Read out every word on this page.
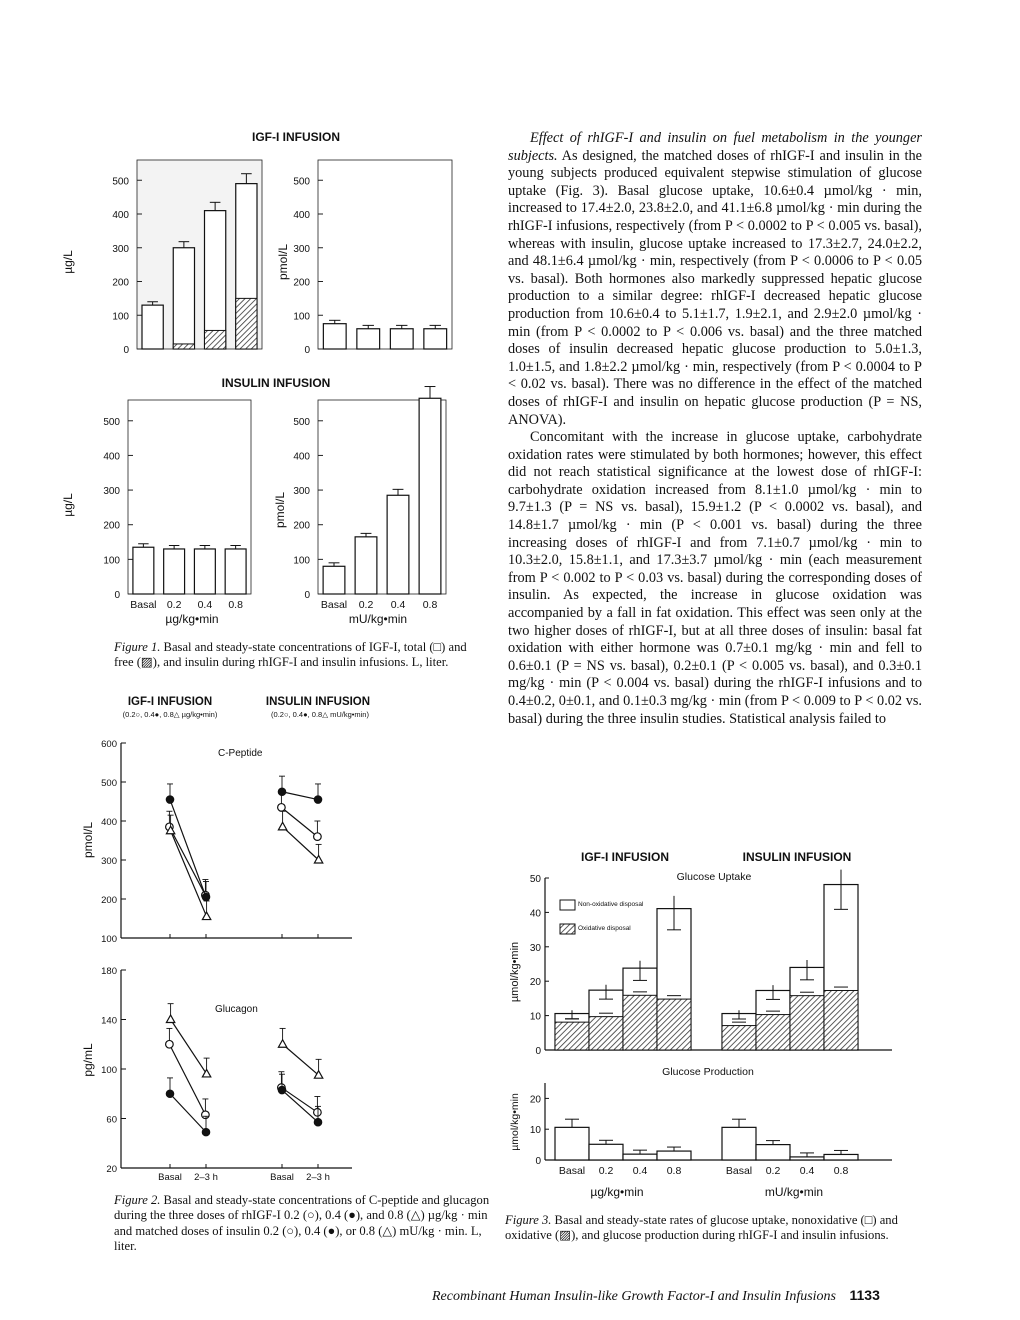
IGF-I INFUSION
INSULIN INFUSION
µg/L	pmol/L
µg/L	pmol/L
µg/kg•min	mU/kg•min
0
100
200
300
400
500
0
100
200
300
400
500
0
100
200
300
400
500
Basal 0.2 0.4 0.8
0
100
200
300
400
500
Basal 0.2 0.4 0.8
IGF-I INFUSION	INSULIN INFUSION
(0.2○, 0.4●, 0.8△ µg/kg•min)	(0.2○, 0.4●, 0.8△ mU/kg•min)
C-Peptide
Glucagon
pmol/L
pg/mL
100
200
300
400
500
600
20
60
100
140
180
Basal 2–3 h	Basal 2–3 h
IGF-I INFUSION	INSULIN INFUSION
Glucose Uptake
Glucose Production
Non-oxidative disposal
Oxidative disposal
µmol/kg•min
µmol/kg•min
µg/kg•min	mU/kg•min
0
10
20
30
40
50
0
10
20
Basal 0.2 0.4 0.8	Basal 0.2 0.4 0.8
Figure 1. Basal and steady-state concentrations of IGF-I, total (□) and free (▨), and insulin during rhIGF-I and insulin infusions. L, liter.
Figure 2. Basal and steady-state concentrations of C-peptide and glucagon during the three doses of rhIGF-I 0.2 (○), 0.4 (●), and 0.8 (△) µg/kg · min and matched doses of insulin 0.2 (○), 0.4 (●), or 0.8 (△) mU/kg · min. L, liter.
Figure 3. Basal and steady-state rates of glucose uptake, nonoxidative (□) and oxidative (▨), and glucose production during rhIGF-I and insulin infusions.

Effect of rhIGF-I and insulin on fuel metabolism in the younger subjects. As designed, the matched doses of rhIGF-I and insulin in the young subjects produced equivalent stepwise stimulation of glucose uptake (Fig. 3). Basal glucose uptake, 10.6±0.4 µmol/kg · min, increased to 17.4±2.0, 23.8±2.0, and 41.1±6.8 µmol/kg · min during the rhIGF-I infusions, respectively (from P < 0.0002 to P < 0.005 vs. basal), whereas with insulin, glucose uptake increased to 17.3±2.7, 24.0±2.2, and 48.1±6.4 µmol/kg · min, respectively (from P < 0.0006 to P < 0.05 vs. basal). Both hormones also markedly suppressed hepatic glucose production to a similar degree: rhIGF-I decreased hepatic glucose production from 10.6±0.4 to 5.1±1.7, 1.9±2.1, and 2.9±2.0 µmol/kg · min (from P < 0.0002 to P < 0.006 vs. basal) and the three matched doses of insulin decreased hepatic glucose production to 5.0±1.3, 1.0±1.5, and 1.8±2.2 µmol/kg · min, respectively (from P < 0.0004 to P < 0.02 vs. basal). There was no difference in the effect of the matched doses of rhIGF-I and insulin on hepatic glucose production (P = NS, ANOVA).

Concomitant with the increase in glucose uptake, carbohydrate oxidation rates were stimulated by both hormones; however, this effect did not reach statistical significance at the lowest dose of rhIGF-I: carbohydrate oxidation increased from 8.1±1.0 µmol/kg · min to 9.7±1.3 (P = NS vs. basal), 15.9±1.2 (P < 0.0002 vs. basal), and 14.8±1.7 µmol/kg · min (P < 0.001 vs. basal) during the three increasing doses of rhIGF-I and from 7.1±0.7 µmol/kg · min to 10.3±2.0, 15.8±1.1, and 17.3±3.7 µmol/kg · min (each measurement from P < 0.002 to P < 0.03 vs. basal) during the corresponding doses of insulin. As expected, the increase in glucose oxidation was accompanied by a fall in fat oxidation. This effect was seen only at the two higher doses of rhIGF-I, but at all three doses of insulin: basal fat oxidation with either hormone was 0.7±0.1 mg/kg · min and fell to 0.6±0.1 (P = NS vs. basal), 0.2±0.1 (P < 0.005 vs. basal), and 0.3±0.1 mg/kg · min (P < 0.004 vs. basal) during the rhIGF-I infusions and to 0.4±0.2, 0±0.1, and 0.1±0.3 mg/kg · min (from P < 0.009 to P < 0.02 vs. basal) during the three insulin studies. Statistical analysis failed to

Recombinant Human Insulin-like Growth Factor-I and Insulin Infusions 1133
